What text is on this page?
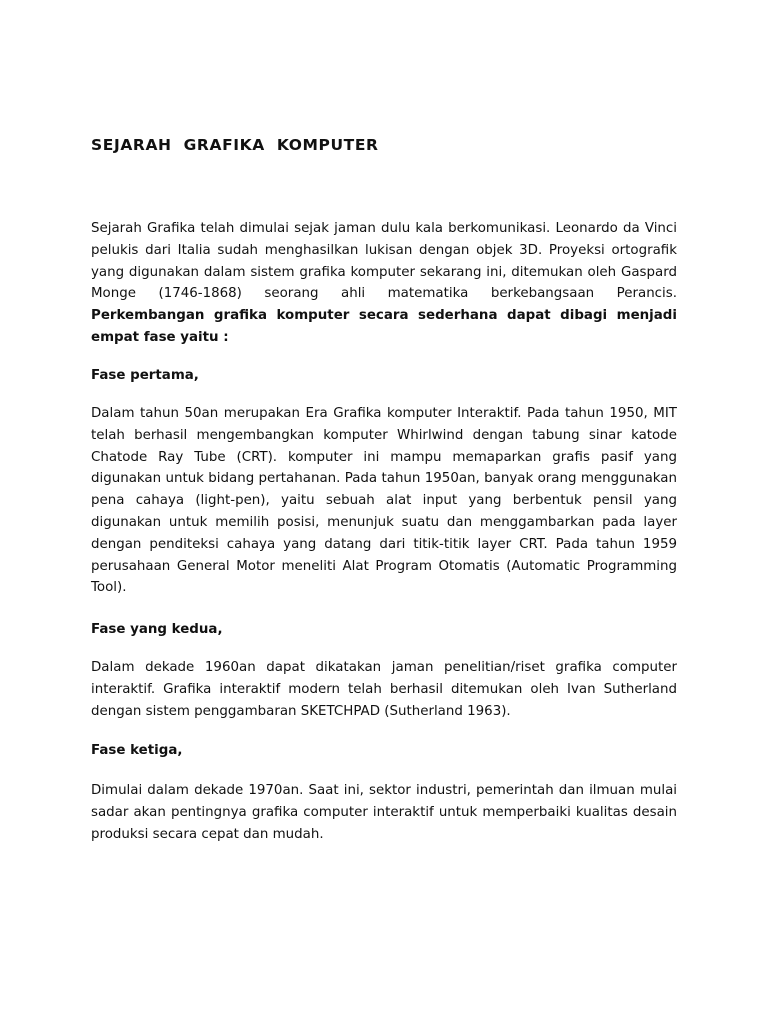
SEJARAH GRAFIKA KOMPUTER

Sejarah Grafika telah dimulai sejak jaman dulu kala berkomunikasi. Leonardo da Vinci pelukis dari Italia sudah menghasilkan lukisan dengan objek 3D. Proyeksi ortografik yang digunakan dalam sistem grafika komputer sekarang ini, ditemukan oleh Gaspard Monge (1746-1868) seorang ahli matematika berkebangsaan Perancis. Perkembangan grafika komputer secara sederhana dapat dibagi menjadi empat fase yaitu :

Fase pertama,

Dalam tahun 50an merupakan Era Grafika komputer Interaktif. Pada tahun 1950, MIT telah berhasil mengembangkan komputer Whirlwind dengan tabung sinar katode Chatode Ray Tube (CRT). komputer ini mampu memaparkan grafis pasif yang digunakan untuk bidang pertahanan. Pada tahun 1950an, banyak orang menggunakan pena cahaya (light-pen), yaitu sebuah alat input yang berbentuk pensil yang digunakan untuk memilih posisi, menunjuk suatu dan menggambarkan pada layer dengan penditeksi cahaya yang datang dari titik-titik layer CRT. Pada tahun 1959 perusahaan General Motor meneliti Alat Program Otomatis (Automatic Programming Tool).

Fase yang kedua,

Dalam dekade 1960an dapat dikatakan jaman penelitian/riset grafika computer interaktif. Grafika interaktif modern telah berhasil ditemukan oleh Ivan Sutherland dengan sistem penggambaran SKETCHPAD (Sutherland 1963).

Fase ketiga,

Dimulai dalam dekade 1970an. Saat ini, sektor industri, pemerintah dan ilmuan mulai sadar akan pentingnya grafika computer interaktif untuk memperbaiki kualitas desain produksi secara cepat dan mudah.
